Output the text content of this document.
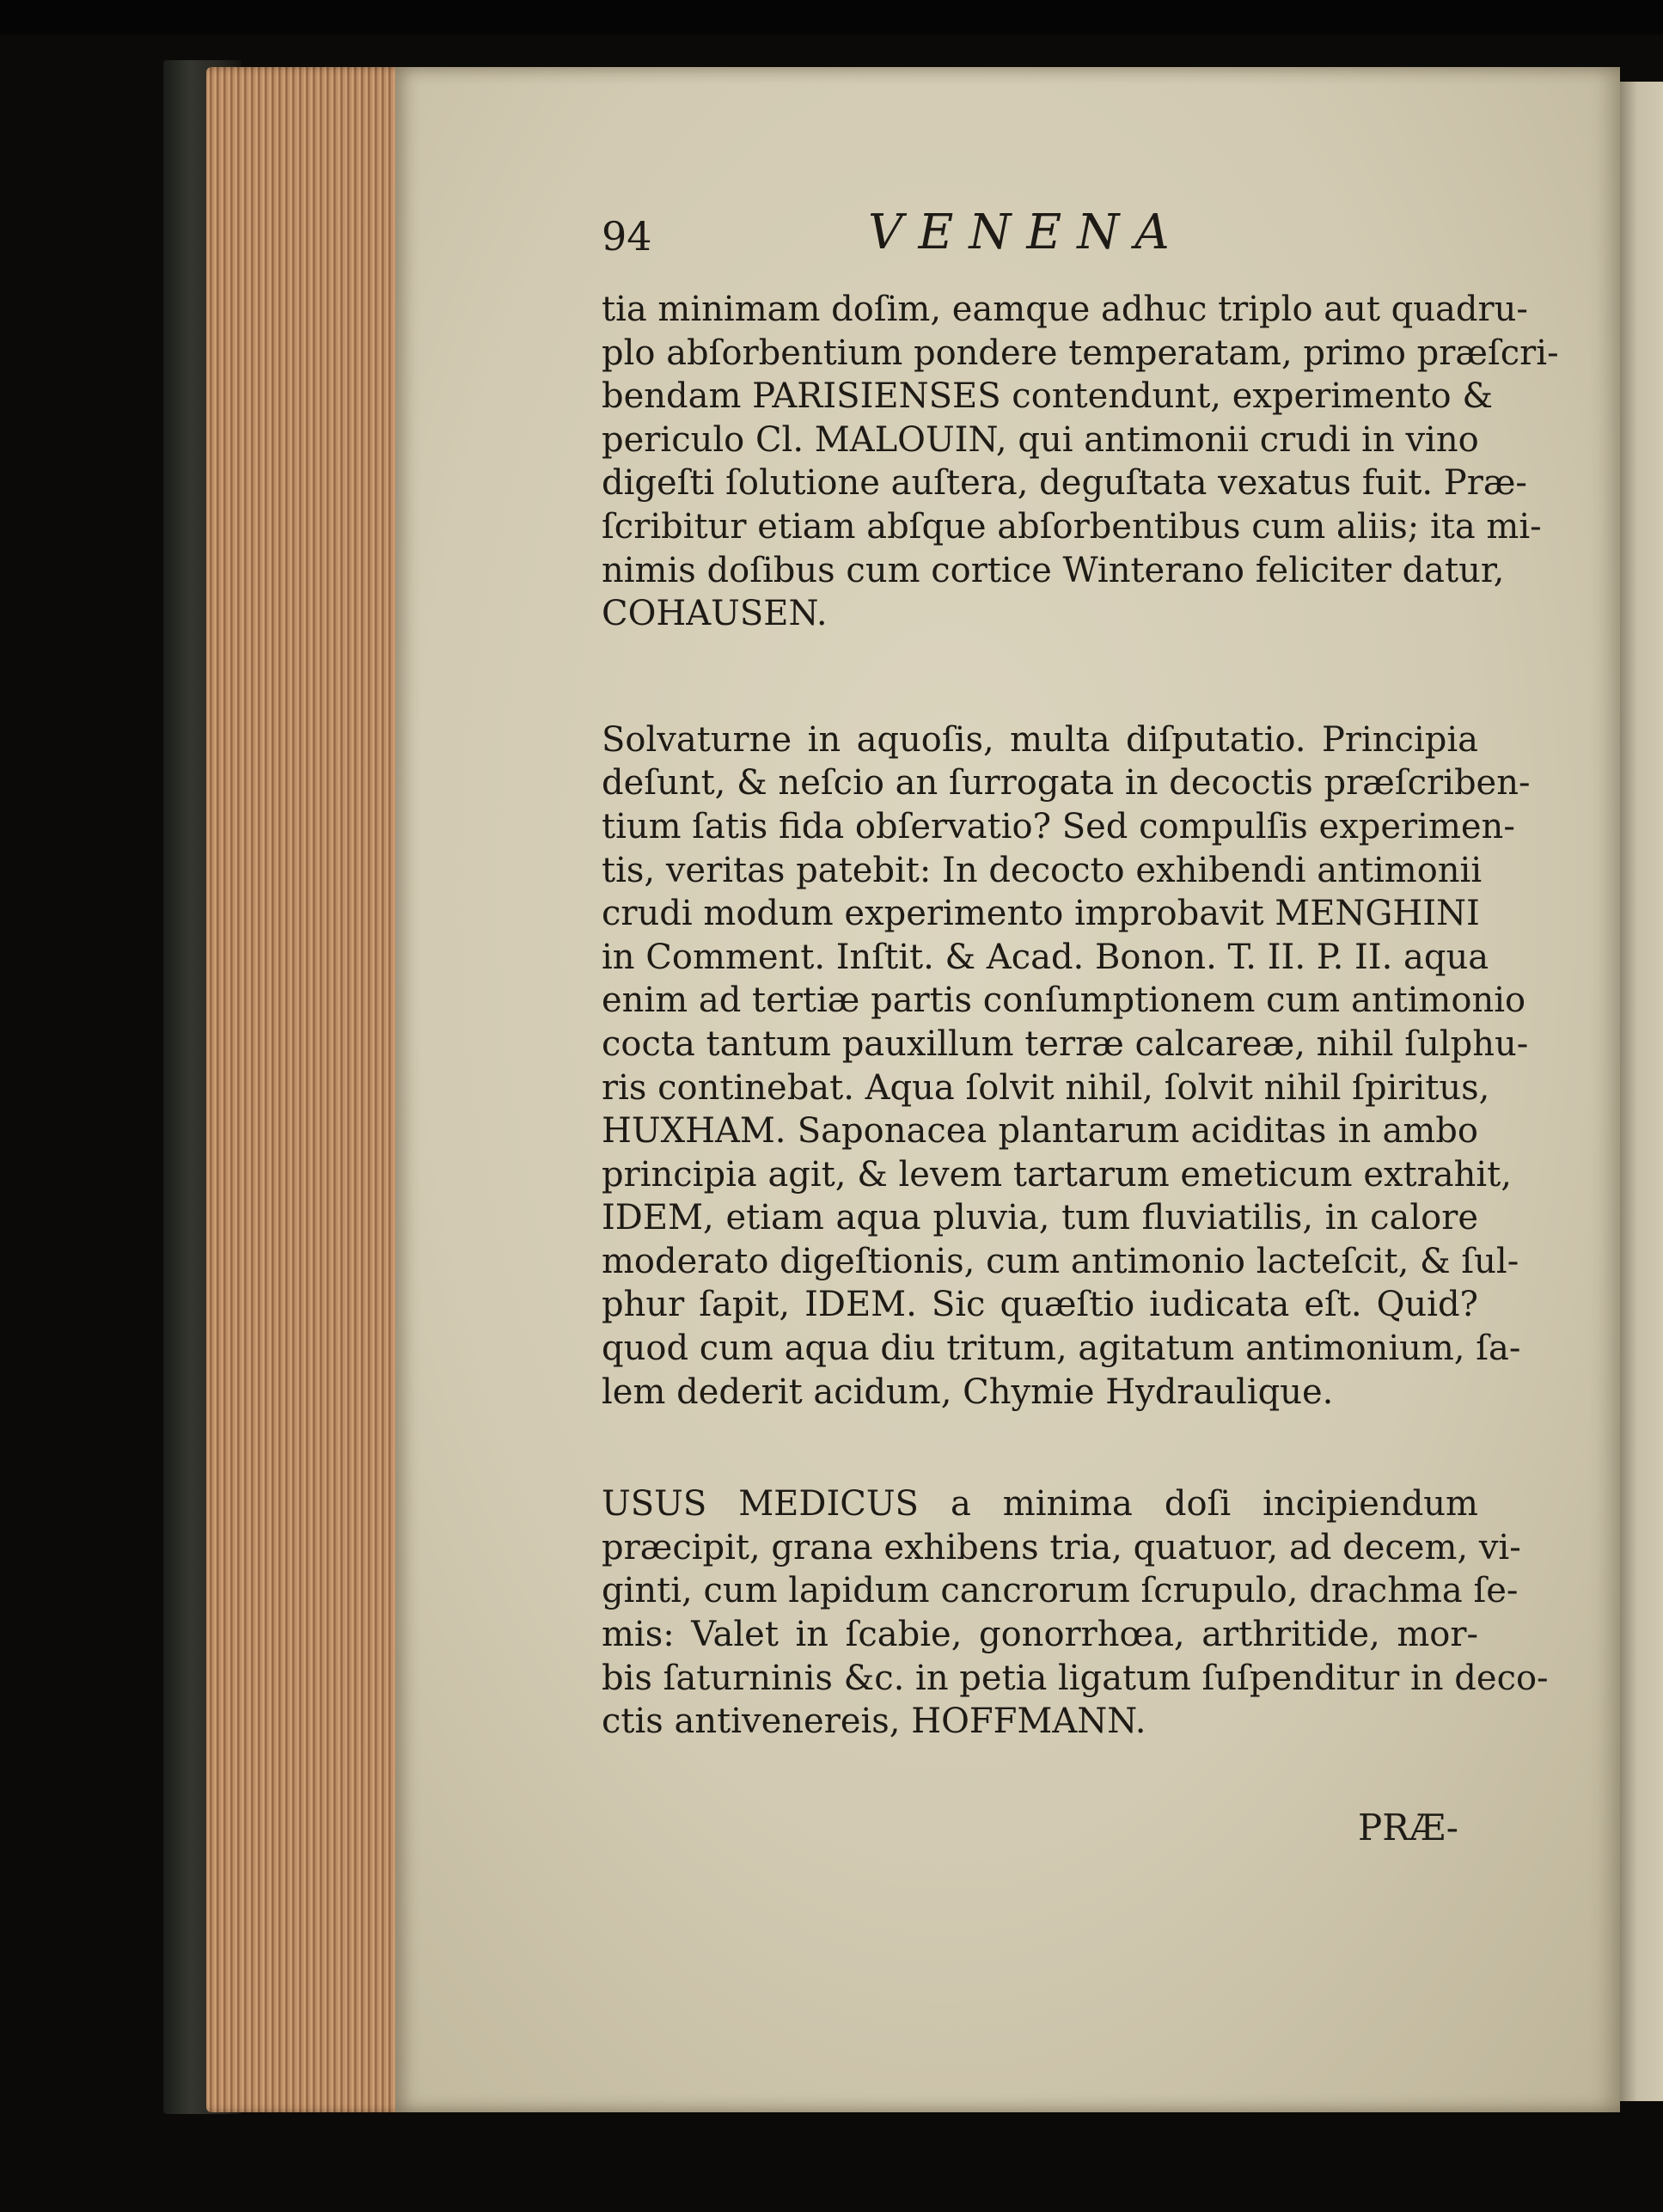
94	VENENA
tia minimam doſim, eamque adhuc triplo aut quadru-
plo abſorbentium pondere temperatam, primo præſcri-
bendam PARISIENSES contendunt, experimento &
periculo Cl. MALOUIN, qui antimonii crudi in vino
digeſti ſolutione auſtera, deguſtata vexatus fuit. Præ-
ſcribitur etiam abſque abſorbentibus cum aliis; ita mi-
nimis doſibus cum cortice Winterano feliciter datur,
COHAUSEN.
Solvaturne in aquoſis, multa diſputatio. Principia
deſunt, & neſcio an ſurrogata in decoctis præſcriben-
tium ſatis fida obſervatio? Sed compulſis experimen-
tis, veritas patebit: In decocto exhibendi antimonii
crudi modum experimento improbavit MENGHINI
in Comment. Inſtit. & Acad. Bonon. T. II. P. II. aqua
enim ad tertiæ partis conſumptionem cum antimonio
cocta tantum pauxillum terræ calcareæ, nihil ſulphu-
ris continebat. Aqua ſolvit nihil, ſolvit nihil ſpiritus,
HUXHAM. Saponacea plantarum aciditas in ambo
principia agit, & levem tartarum emeticum extrahit,
IDEM, etiam aqua pluvia, tum fluviatilis, in calore
moderato digeſtionis, cum antimonio lacteſcit, & ſul-
phur ſapit, IDEM. Sic quæſtio iudicata eſt. Quid?
quod cum aqua diu tritum, agitatum antimonium, ſa-
lem dederit acidum, Chymie Hydraulique.
USUS MEDICUS a minima doſi incipiendum
præcipit, grana exhibens tria, quatuor, ad decem, vi-
ginti, cum lapidum cancrorum ſcrupulo, drachma ſe-
mis: Valet in ſcabie, gonorrhœa, arthritide, mor-
bis ſaturninis &c. in petia ligatum ſuſpenditur in deco-
ctis antivenereis, HOFFMANN.
PRÆ-
